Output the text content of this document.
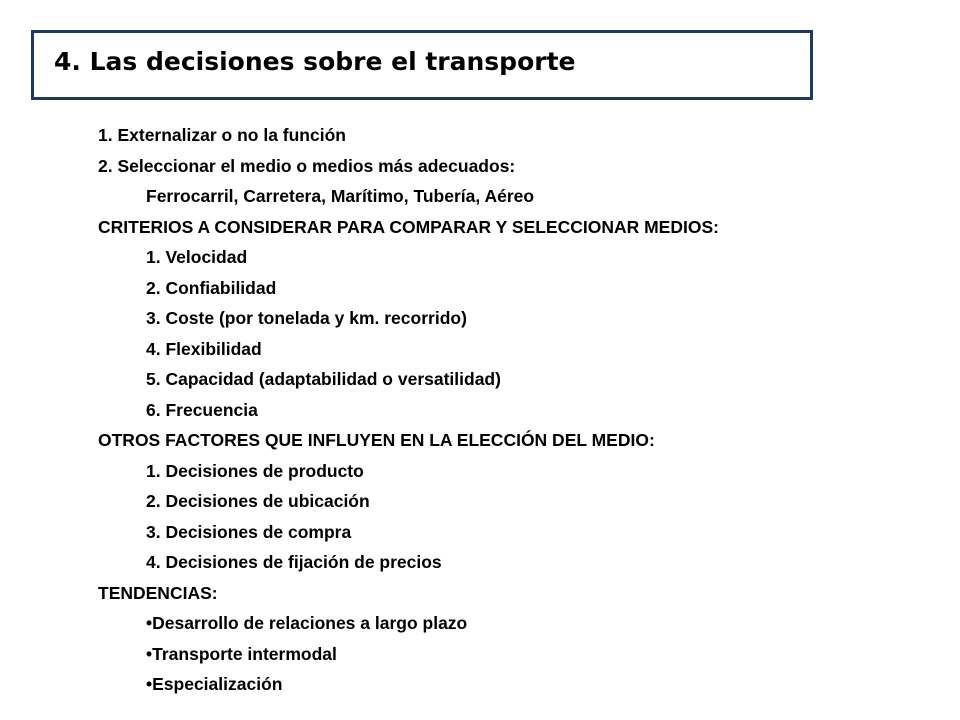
4. Las decisiones sobre el transporte
1. Externalizar o no la función
2. Seleccionar el medio o medios más adecuados:
Ferrocarril, Carretera, Marítimo, Tubería, Aéreo
CRITERIOS A CONSIDERAR PARA COMPARAR Y SELECCIONAR MEDIOS:
1. Velocidad
2. Confiabilidad
3. Coste (por tonelada y km. recorrido)
4. Flexibilidad
5. Capacidad (adaptabilidad o versatilidad)
6. Frecuencia
OTROS FACTORES QUE INFLUYEN EN LA ELECCIÓN DEL MEDIO:
1. Decisiones de producto
2. Decisiones de ubicación
3. Decisiones de compra
4. Decisiones de fijación de precios
TENDENCIAS:
•Desarrollo de relaciones a largo plazo
•Transporte intermodal
•Especialización
